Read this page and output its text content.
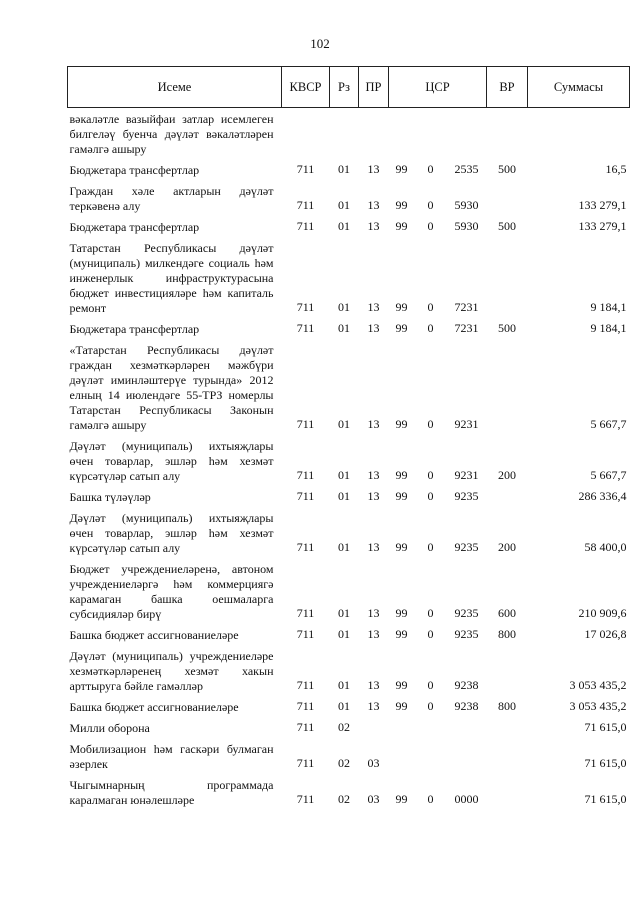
102
Исеме	КВСР	Рз	ПР	ЦСР	ВР	Суммасы
вәкаләтле вазыйфаи затлар исемлеген билгеләү буенча дәүләт вәкаләтләрен гамәлгә ашыру				

Бюджетара трансфертлар	711	01	13	99 0 2535	500	16,5
Граждан хәле актларын дәүләт теркәвенә алу	711	01	13	99 0 5930		133 279,1
Бюджетара трансфертлар	711	01	13	99 0 5930	500	133 279,1
Татарстан Республикасы дәүләт (муниципаль) милкендәге социаль һәм инженерлык инфраструктурасына бюджет инвестицияләре һәм капиталь ремонт	711	01	13	99 0 7231		9 184,1
Бюджетара трансфертлар	711	01	13	99 0 7231	500	9 184,1
«Татарстан Республикасы дәүләт граждан хезмәткәрләрен мәжбүри дәүләт иминләштерүе турында» 2012 елның 14 июлендәге 55-ТРЗ номерлы Татарстан Республикасы Законын гамәлгә ашыру	711	01	13	99 0 9231		5 667,7
Дәүләт (муниципаль) ихтыяҗлары өчен товарлар, эшләр һәм хезмәт күрсәтүләр сатып алу	711	01	13	99 0 9231	200	5 667,7
Башка түләүләр	711	01	13	99 0 9235		286 336,4
Дәүләт (муниципаль) ихтыяҗлары өчен товарлар, эшләр һәм хезмәт күрсәтүләр сатып алу	711	01	13	99 0 9235	200	58 400,0
Бюджет учреждениеләренә, автоном учреждениеләргә һәм коммерциягә карамаган башка оешмаларга субсидияләр бирү	711	01	13	99 0 9235	600	210 909,6
Башка бюджет ассигнованиеләре	711	01	13	99 0 9235	800	17 026,8
Дәүләт (муниципаль) учреждениеләре хезмәткәрләренең хезмәт хакын арттыруга бәйле гамәлләр	711	01	13	99 0 9238		3 053 435,2
Башка бюджет ассигнованиеләре	711	01	13	99 0 9238	800	3 053 435,2
Милли оборона	711	02				71 615,0
Мобилизацион һәм гаскәри булмаган әзерлек	711	02	03			71 615,0
Чыгымнарның программада каралмаган юнәлешләре	711	02	03	99 0 0000		71 615,0
